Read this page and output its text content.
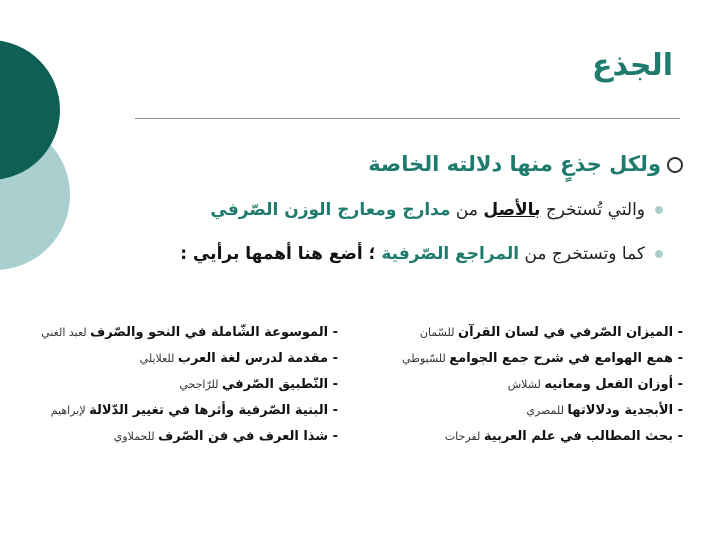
الجذع
ولكل جذعٍ منها دلالته الخاصة
والتي تُستخرج بالأصل من مدارج ومعارج الوزن الصّرفي
كما وتستخرج من المراجع الصّرفية ؛ أضع هنا أهمها برأيي :
- الميزان الصّرفي في لسان القرآن للسّمان
- همع الهوامع في شرح جمع الجوامع للسّيوطي
- أوزان الفعل ومعانيه لشلاش
- الأبجدية ودلالاتها للمصري
- بحث المطالب في علم العربية لفرحات
- الموسوعة الشّاملة في النحو والصّرف لعبد الغني
- مقدمة لدرس لغة العرب للعلايلي
- التّطبيق الصّرفي للرّاجحي
- البنية الصّرفية وأثرها في تغيير الدّلالة لإبراهيم
- شذا العرف في فن الصّرف للحملاوي
